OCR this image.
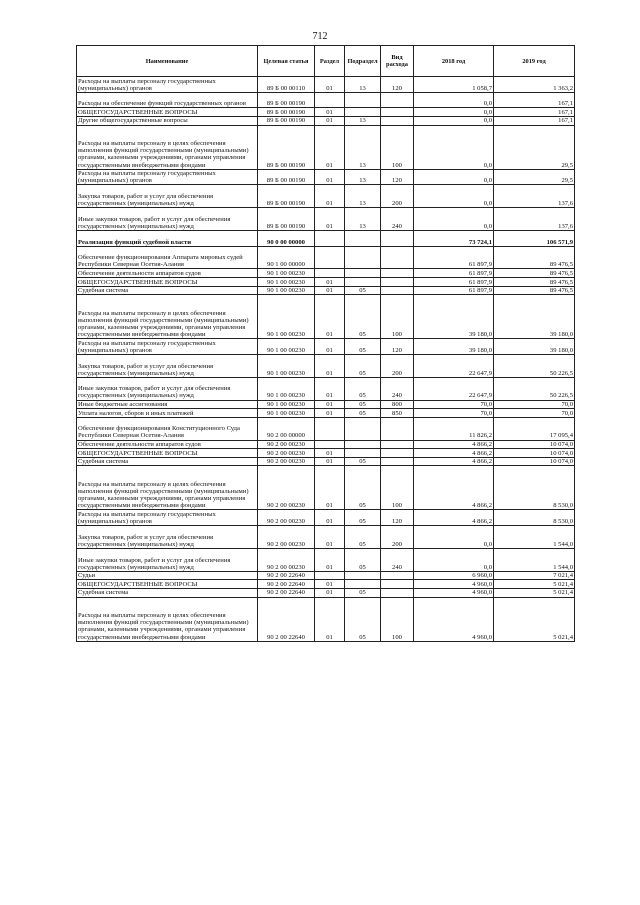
712
Наименование	Целевая статья	Раздел	Подраздел	Вид расхода	2018 год	2019 год
Расходы на выплаты персоналу государственных (муниципальных) органов	89 Б 00 00110	01	13	120	1 058,7	1 363,2
Расходы на обеспечение функций государственных органов	89 Б 00 00190				0,0	167,1
ОБЩЕГОСУДАРСТВЕННЫЕ ВОПРОСЫ	89 Б 00 00190	01			0,0	167,1
Другие общегосударственные вопросы	89 Б 00 00190	01	13		0,0	167,1
Расходы на выплаты персоналу в целях обеспечения выполнения функций государственными (муниципальными) органами, казенными учреждениями, органами управления государственными внебюджетными фондами	89 Б 00 00190	01	13	100	0,0	29,5
Расходы на выплаты персоналу государственных (муниципальных) органов	89 Б 00 00190	01	13	120	0,0	29,5
Закупка товаров, работ и услуг для обеспечения государственных (муниципальных) нужд	89 Б 00 00190	01	13	200	0,0	137,6
Иные закупки товаров, работ и услуг для обеспечения государственных (муниципальных) нужд	89 Б 00 00190	01	13	240	0,0	137,6
Реализация функций судебной власти	90 0 00 00000				73 724,1	106 571,9
Обеспечение функционирования Аппарата мировых судей Республики Северная Осетия-Алания	90 1 00 00000				61 897,9	89 476,5
Обеспечение деятельности аппаратов судов	90 1 00 00230				61 897,9	89 476,5
ОБЩЕГОСУДАРСТВЕННЫЕ ВОПРОСЫ	90 1 00 00230	01			61 897,9	89 476,5
Судебная система	90 1 00 00230	01	05		61 897,9	89 476,5
Расходы на выплаты персоналу в целях обеспечения выполнения функций государственными (муниципальными) органами, казенными учреждениями, органами управления государственными внебюджетными фондами	90 1 00 00230	01	05	100	39 180,0	39 180,0
Расходы на выплаты персоналу государственных (муниципальных) органов	90 1 00 00230	01	05	120	39 180,0	39 180,0
Закупка товаров, работ и услуг для обеспечения государственных (муниципальных) нужд	90 1 00 00230	01	05	200	22 647,9	50 226,5
Иные закупки товаров, работ и услуг для обеспечения государственных (муниципальных) нужд	90 1 00 00230	01	05	240	22 647,9	50 226,5
Иные бюджетные ассигнования	90 1 00 00230	01	05	800	70,0	70,0
Уплата налогов, сборов и иных платежей	90 1 00 00230	01	05	850	70,0	70,0
Обеспечение функционирования Конституционного Суда Республики Северная Осетия-Алания	90 2 00 00000				11 826,2	17 095,4
Обеспечение деятельности аппаратов судов	90 2 00 00230				4 866,2	10 074,0
ОБЩЕГОСУДАРСТВЕННЫЕ ВОПРОСЫ	90 2 00 00230	01			4 866,2	10 074,0
Судебная система	90 2 00 00230	01	05		4 866,2	10 074,0
Расходы на выплаты персоналу в целях обеспечения выполнения функций государственными (муниципальными) органами, казенными учреждениями, органами управления государственными внебюджетными фондами	90 2 00 00230	01	05	100	4 866,2	8 530,0
Расходы на выплаты персоналу государственных (муниципальных) органов	90 2 00 00230	01	05	120	4 866,2	8 530,0
Закупка товаров, работ и услуг для обеспечения государственных (муниципальных) нужд	90 2 00 00230	01	05	200	0,0	1 544,0
Иные закупки товаров, работ и услуг для обеспечения государственных (муниципальных) нужд	90 2 00 00230	01	05	240	0,0	1 544,0
Судьи	90 2 00 22640				6 960,0	7 021,4
ОБЩЕГОСУДАРСТВЕННЫЕ ВОПРОСЫ	90 2 00 22640	01			4 960,0	5 021,4
Судебная система	90 2 00 22640	01	05		4 960,0	5 021,4
Расходы на выплаты персоналу в целях обеспечения выполнения функций государственными (муниципальными) органами, казенными учреждениями, органами управления государственными внебюджетными фондами	90 2 00 22640	01	05	100	4 960,0	5 021,4
